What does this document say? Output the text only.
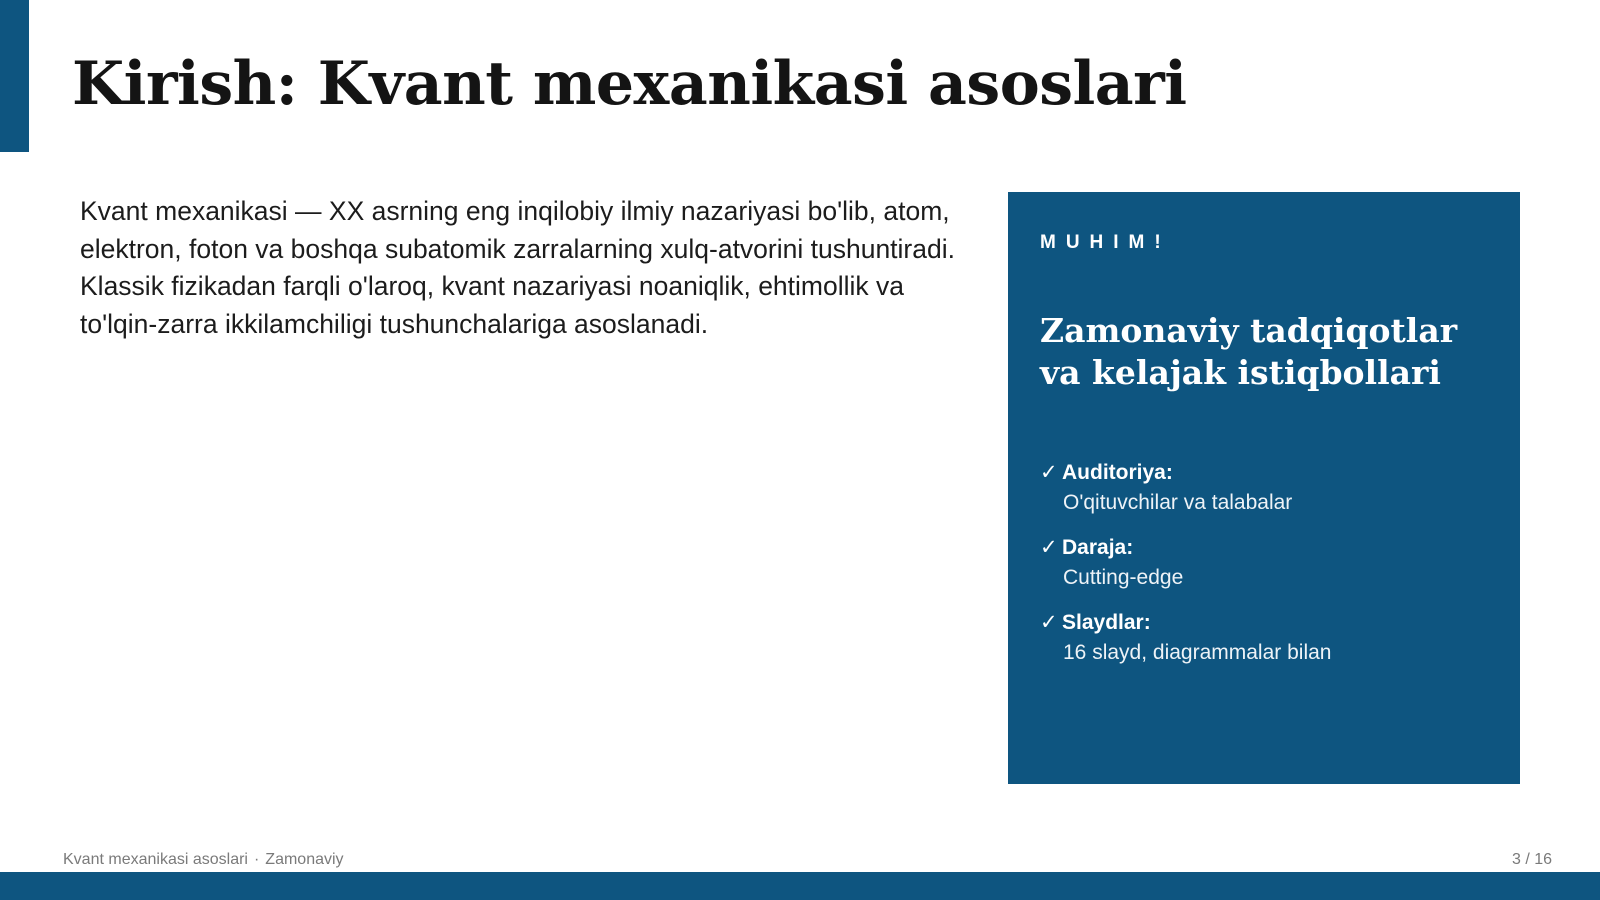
Kirish: Kvant mexanikasi asoslari

Kvant mexanikasi — XX asrning eng inqilobiy ilmiy nazariyasi bo'lib, atom, elektron, foton va boshqa subatomik zarralarning xulq-atvorini tushuntiradi. Klassik fizikadan farqli o'laroq, kvant nazariyasi noaniqlik, ehtimollik va to'lqin-zarra ikkilamchiligi tushunchalariga asoslanadi.

MUHIM!
Zamonaviy tadqiqotlar va kelajak istiqbollari
✓ Auditoriya:
O'qituvchilar va talabalar
✓ Daraja:
Cutting-edge
✓ Slaydlar:
16 slayd, diagrammalar bilan
Kvant mexanikasi asoslari · Zamonaviy	3 / 16
